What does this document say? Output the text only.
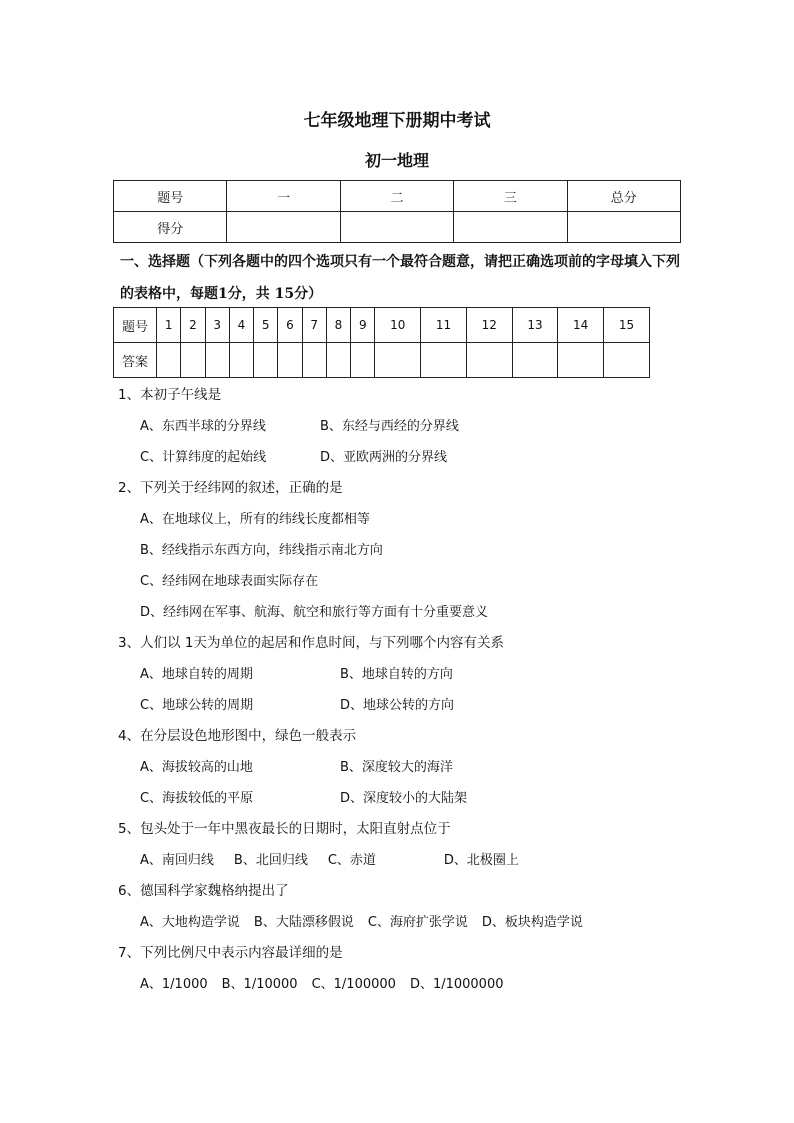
七年级地理下册期中考试
初一地理
题号	一	二	三	总分
得分				
一、选择题（下列各题中的四个选项只有一个最符合题意，请把正确选项前的字母填入下列的表格中，每题1分，共 15分）
题号	1	2	3	4	5	6	7	8	9	10	11	12	13	14	15
答案															
1、本初子午线是
A、东西半球的分界线	B、东经与西经的分界线
C、计算纬度的起始线	D、亚欧两洲的分界线
2、下列关于经纬网的叙述，正确的是
A、在地球仪上，所有的纬线长度都相等
B、经线指示东西方向，纬线指示南北方向
C、经纬网在地球表面实际存在
D、经纬网在军事、航海、航空和旅行等方面有十分重要意义
3、人们以 1天为单位的起居和作息时间，与下列哪个内容有关系
A、地球自转的周期	B、地球自转的方向
C、地球公转的周期	D、地球公转的方向
4、在分层设色地形图中，绿色一般表示
A、海拔较高的山地	B、深度较大的海洋
C、海拔较低的平原	D、深度较小的大陆架
5、包头处于一年中黑夜最长的日期时，太阳直射点位于
A、南回归线 B、北回归线 C、赤道	D、北极圈上
6、德国科学家魏格纳提出了
A、大地构造学说 B、大陆漂移假说 C、海府扩张学说 D、板块构造学说
7、下列比例尺中表示内容最详细的是
A、1/1000 B、1/10000 C、1/100000 D、1/1000000
